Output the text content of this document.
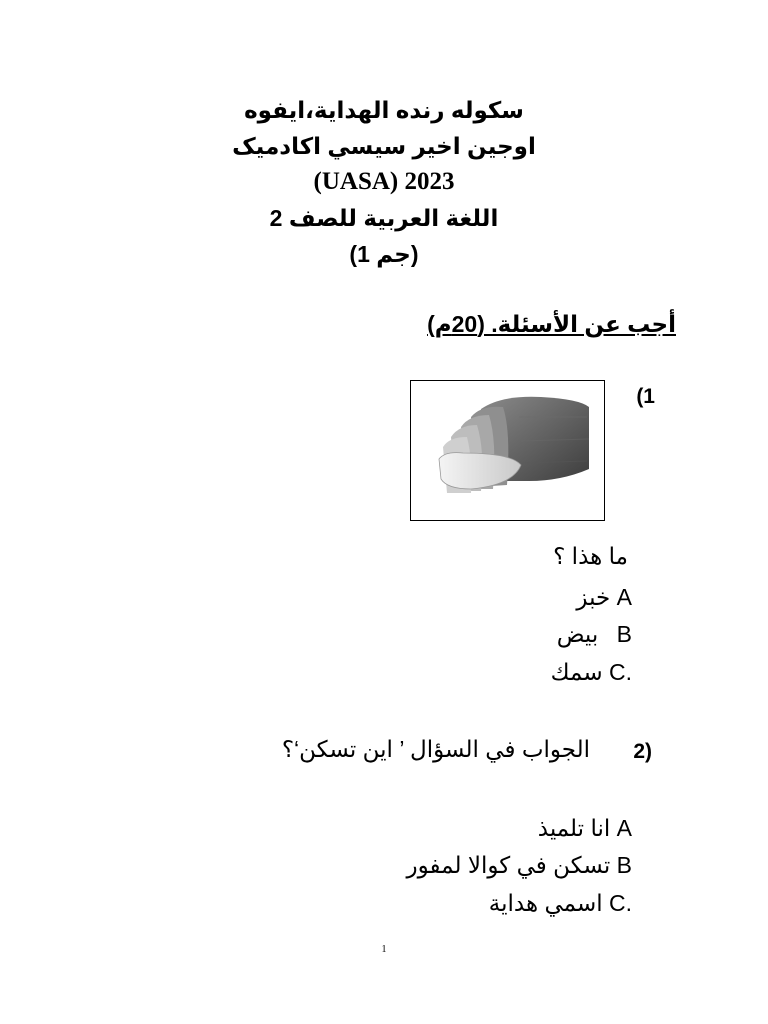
سكوله رنده الهداية،ايفوه
اوجين اخير سيسي اكادميک
(UASA) 2023
اللغة العربية للصف 2
(1 جم)
أجب عن الأسئلة. (20م)
(1
ما هذا ؟
خبز A
بيض B
سمك C.
2)
الجواب في السؤال ’ اين تسكن‘؟
انا تلميذ A
تسكن في كوالا لمفور B
اسمي هداية C.
1
